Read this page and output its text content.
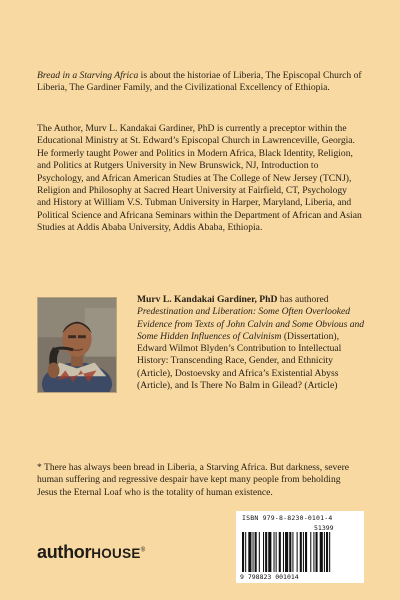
Bread in a Starving Africa is about the historiae of Liberia, The Episcopal Church of Liberia, The Gardiner Family, and the Civilizational Excellency of Ethiopia.

The Author, Murv L. Kandakai Gardiner, PhD is currently a preceptor within the Educational Ministry at St. Edward’s Episcopal Church in Lawrenceville, Georgia. He formerly taught Power and Politics in Modern Africa, Black Identity, Religion, and Politics at Rutgers University in New Brunswick, NJ, Introduction to Psychology, and African American Studies at The College of New Jersey (TCNJ), Religion and Philosophy at Sacred Heart University at Fairfield, CT, Psychology and History at William V.S. Tubman University in Harper, Maryland, Liberia, and Political Science and Africana Seminars within the Department of African and Asian Studies at Addis Ababa University, Addis Ababa, Ethiopia.

Murv L. Kandakai Gardiner, PhD has authored Predestination and Liberation: Some Often Overlooked Evidence from Texts of John Calvin and Some Obvious and Some Hidden Influences of Calvinism (Dissertation), Edward Wilmot Blyden’s Contribution to Intellectual History: Transcending Race, Gender, and Ethnicity (Article), Dostoevsky and Africa’s Existential Abyss (Article), and Is There No Balm in Gilead? (Article)

* There has always been bread in Liberia, a Starving Africa. But darkness, severe human suffering and regressive despair have kept many people from beholding Jesus the Eternal Loaf who is the totality of human existence.

ISBN 979-8-8230-0101-4
51399
9 798823 001014
authorHOUSE®
